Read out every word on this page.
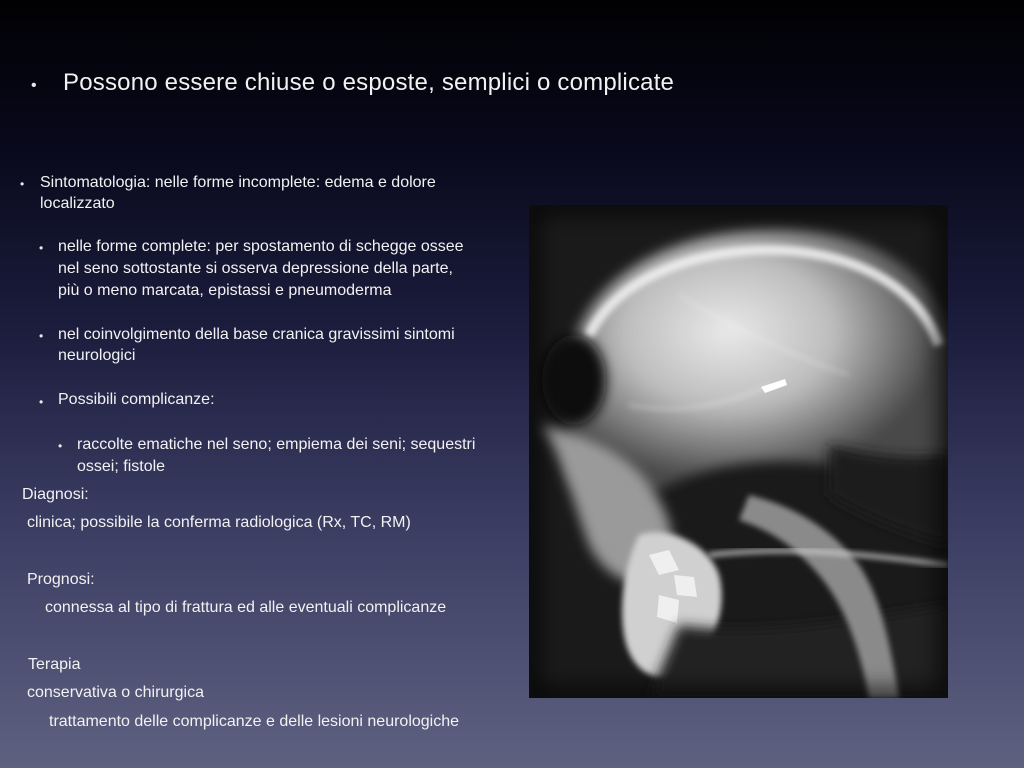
• Possono essere chiuse o esposte, semplici o complicate

• Sintomatologia: nelle forme incomplete: edema e dolore

localizzato

• nelle forme complete: per spostamento di schegge ossee

nel seno sottostante si osserva depressione della parte,

più o meno marcata, epistassi e pneumoderma

• nel coinvolgimento della base cranica gravissimi sintomi

neurologici

• Possibili complicanze:

• raccolte ematiche nel seno; empiema dei seni; sequestri

ossei; fistole

Diagnosi:

clinica; possibile la conferma radiologica (Rx, TC, RM)

Prognosi:

connessa al tipo di frattura ed alle eventuali complicanze

Terapia

conservativa o chirurgica

trattamento delle complicanze e delle lesioni neurologiche
